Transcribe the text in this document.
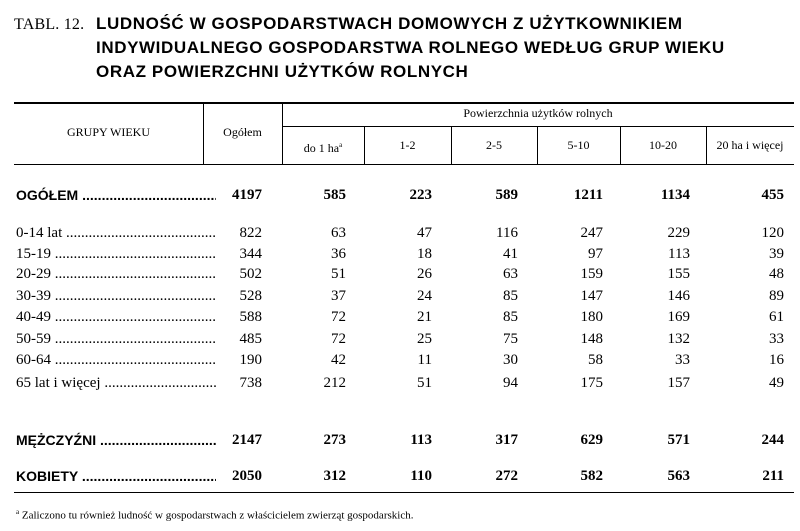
TABL. 12. LUDNOŚĆ W GOSPODARSTWACH DOMOWYCH Z UŻYTKOWNIKIEM
INDYWIDUALNEGO GOSPODARSTWA ROLNEGO WEDŁUG GRUP WIEKU
ORAZ POWIERZCHNI UŻYTKÓW ROLNYCH
GRUPY WIEKU	Ogółem
Powierzchnia użytków rolnych
do 1 $ha^a$	1-2	2-5	5-10	10-20	20 ha i więcej
OGÓŁEM .....	4197	585	223	589	1211	1134	455
0-14 lat .....	822	63	47	116	247	229	120
15-19 .....	344	36	18	41	97	113	39
20-29 .....	502	51	26	63	159	155	48
30-39 .....	528	37	24	85	147	146	89
40-49 .....	588	72	21	85	180	169	61
50-59 .....	485	72	25	75	148	132	33
60-64 .....	190	42	11	30	58	33	16
65 lat i więcej .....	738	212	51	94	175	157	49
MĘŻCZYŹNI .....	2147	273	113	317	629	571	244
KOBIETY .....	2050	312	110	272	582	563	211
$^a$ Zaliczono tu również ludność w gospodarstwach z właścicielem zwierząt gospodarskich.
